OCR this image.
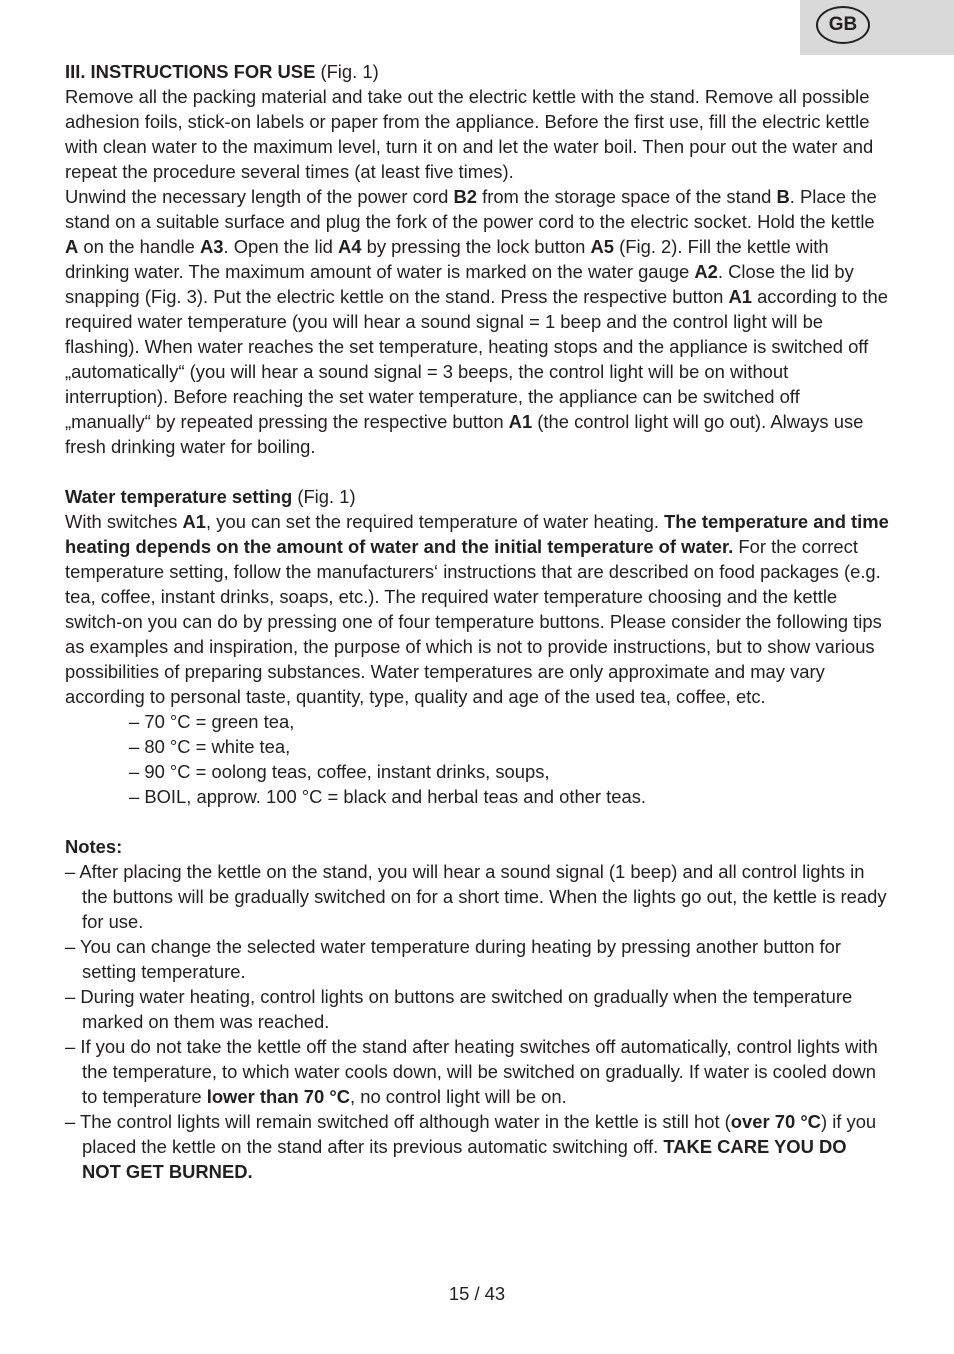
GB

III. INSTRUCTIONS FOR USE (Fig. 1)

Remove all the packing material and take out the electric kettle with the stand. Remove all possible adhesion foils, stick-on labels or paper from the appliance. Before the first use, fill the electric kettle with clean water to the maximum level, turn it on and let the water boil. Then pour out the water and repeat the procedure several times (at least five times).

Unwind the necessary length of the power cord B2 from the storage space of the stand B. Place the stand on a suitable surface and plug the fork of the power cord to the electric socket. Hold the kettle A on the handle A3. Open the lid A4 by pressing the lock button A5 (Fig. 2). Fill the kettle with drinking water. The maximum amount of water is marked on the water gauge A2. Close the lid by snapping (Fig. 3). Put the electric kettle on the stand. Press the respective button A1 according to the required water temperature (you will hear a sound signal = 1 beep and the control light will be flashing). When water reaches the set temperature, heating stops and the appliance is switched off „automatically“ (you will hear a sound signal = 3 beeps, the control light will be on without interruption). Before reaching the set water temperature, the appliance can be switched off „manually“ by repeated pressing the respective button A1 (the control light will go out). Always use fresh drinking water for boiling.

Water temperature setting (Fig. 1)

With switches A1, you can set the required temperature of water heating. The temperature and time heating depends on the amount of water and the initial temperature of water. For the correct temperature setting, follow the manufacturers‘ instructions that are described on food packages (e.g. tea, coffee, instant drinks, soaps, etc.). The required water temperature choosing and the kettle switch-on you can do by pressing one of four temperature buttons. Please consider the following tips as examples and inspiration, the purpose of which is not to provide instructions, but to show various possibilities of preparing substances. Water temperatures are only approximate and may vary according to personal taste, quantity, type, quality and age of the used tea, coffee, etc.

– 70 °C = green tea,
– 80 °C = white tea,
– 90 °C = oolong teas, coffee, instant drinks, soups,
– BOIL, approw. 100 °C = black and herbal teas and other teas.

Notes:

– After placing the kettle on the stand, you will hear a sound signal (1 beep) and all control lights in the buttons will be gradually switched on for a short time. When the lights go out, the kettle is ready for use.
– You can change the selected water temperature during heating by pressing another button for setting temperature.
– During water heating, control lights on buttons are switched on gradually when the temperature marked on them was reached.
– If you do not take the kettle off the stand after heating switches off automatically, control lights with the temperature, to which water cools down, will be switched on gradually. If water is cooled down to temperature lower than 70 °C, no control light will be on.
– The control lights will remain switched off although water in the kettle is still hot (over 70 °C) if you placed the kettle on the stand after its previous automatic switching off. TAKE CARE YOU DO NOT GET BURNED.
15 / 43
